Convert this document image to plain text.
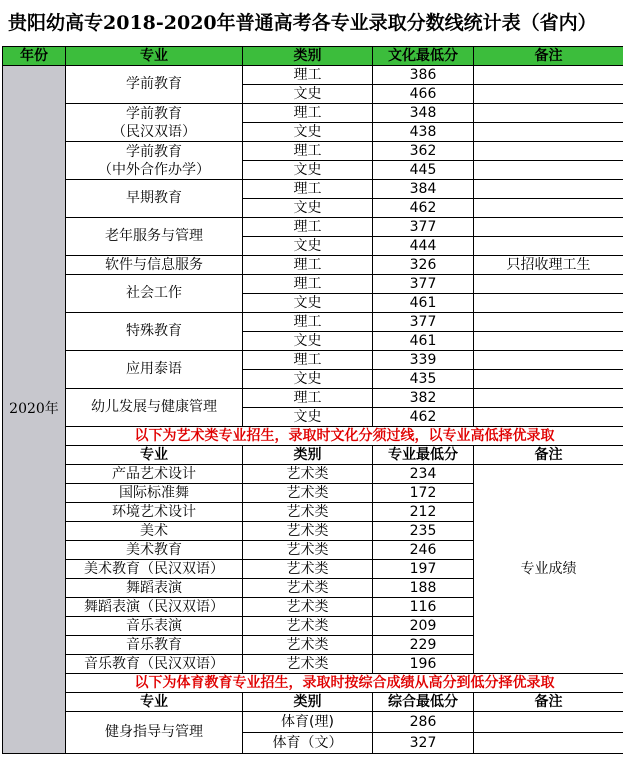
贵阳幼高专2018-2020年普通高考各专业录取分数线统计表（省内）
年份	专业	类别	文化最低分	备注
2020年	学前教育	理工	386	
		文史	466	

	学前教育
（民汉双语）	理工	348	
		文史	438	

	学前教育
（中外合作办学）	理工	362	
		文史	445	
	早期教育	理工	384	
		文史	462	
	老年服务与管理	理工	377	
		文史	444	
	软件与信息服务	理工	326	只招收理工生
	社会工作	理工	377	
		文史	461	
	特殊教育	理工	377	
		文史	461	
	应用泰语	理工	339	
		文史	435	
	幼儿发展与健康管理	理工	382	
		文史	462	
	以下为艺术类专业招生，录取时文化分须过线，以专业高低择优录取			
	专业	类别	专业最低分	备注
	产品艺术设计	艺术类	234	专业成绩
	国际标准舞	艺术类	172	
	环境艺术设计	艺术类	212	
	美术	艺术类	235	
	美术教育	艺术类	246	
	美术教育（民汉双语）	艺术类	197	
	舞蹈表演	艺术类	188	
	舞蹈表演（民汉双语）	艺术类	116	
	音乐表演	艺术类	209	
	音乐教育	艺术类	229	
	音乐教育（民汉双语）	艺术类	196	
	以下为体育教育专业招生，录取时按综合成绩从高分到低分择优录取			
	专业	类别	综合最低分	备注
	健身指导与管理	体育(理)	286	
		体育（文）	327	
